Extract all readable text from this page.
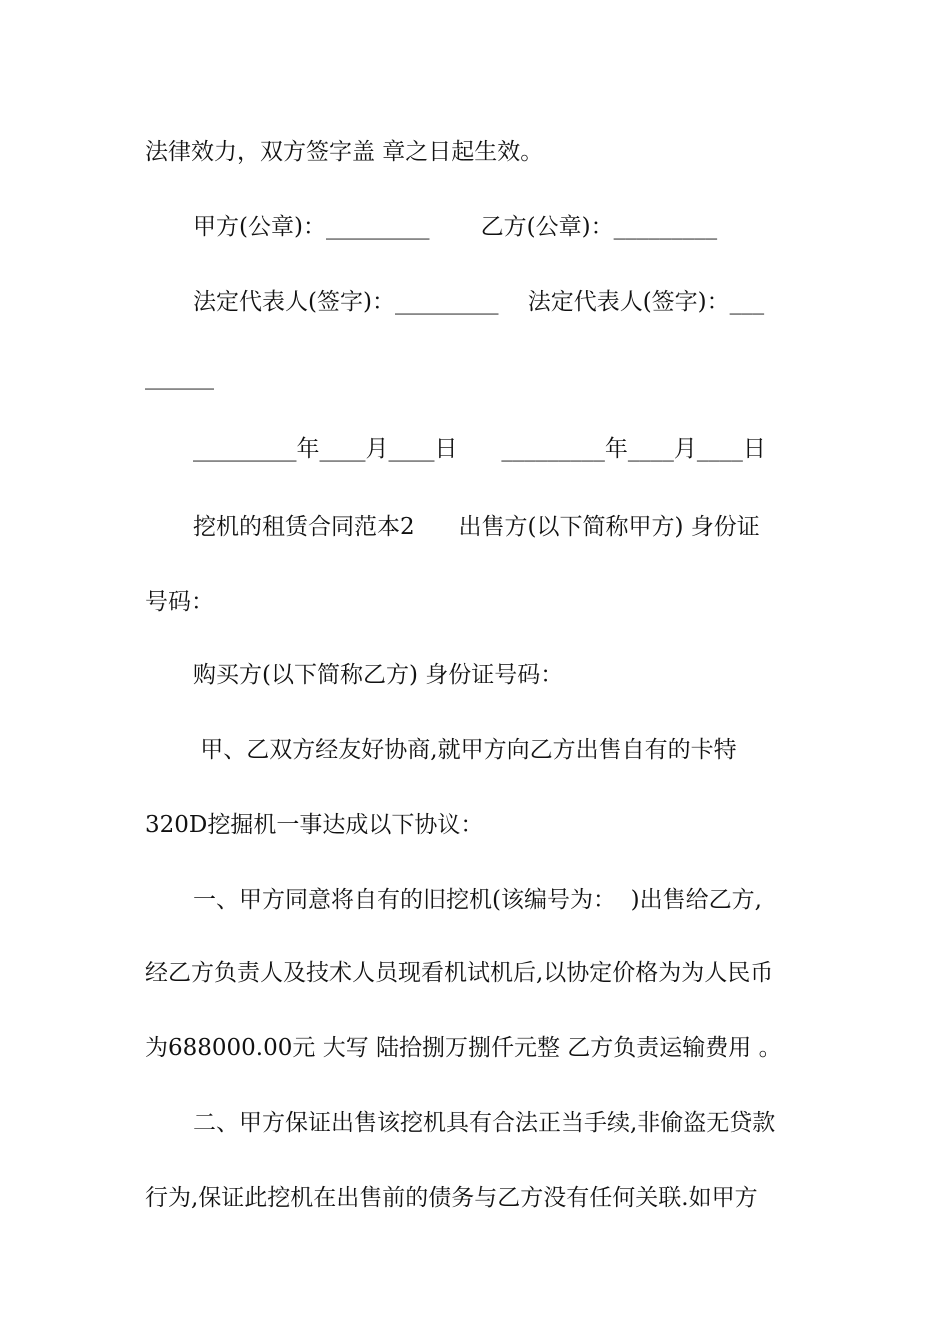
法律效力，双方签字盖 章之日起生效。
甲方(公章)：_________       乙方(公章)：_________
法定代表人(签字)：_________    法定代表人(签字)：___
______
_________年____月____日      _________年____月____日
挖机的租赁合同范本2      出售方(以下简称甲方) 身份证
号码：
购买方(以下简称乙方) 身份证号码：
甲、乙双方经友好协商,就甲方向乙方出售自有的卡特
320D挖掘机一事达成以下协议：
一、甲方同意将自有的旧挖机(该编号为：  )出售给乙方,
经乙方负责人及技术人员现看机试机后,以协定价格为为人民币
为688000.00元 大写 陆拾捌万捌仟元整 乙方负责运输费用 。
二、甲方保证出售该挖机具有合法正当手续,非偷盗无贷款
行为,保证此挖机在出售前的债务与乙方没有任何关联.如甲方
